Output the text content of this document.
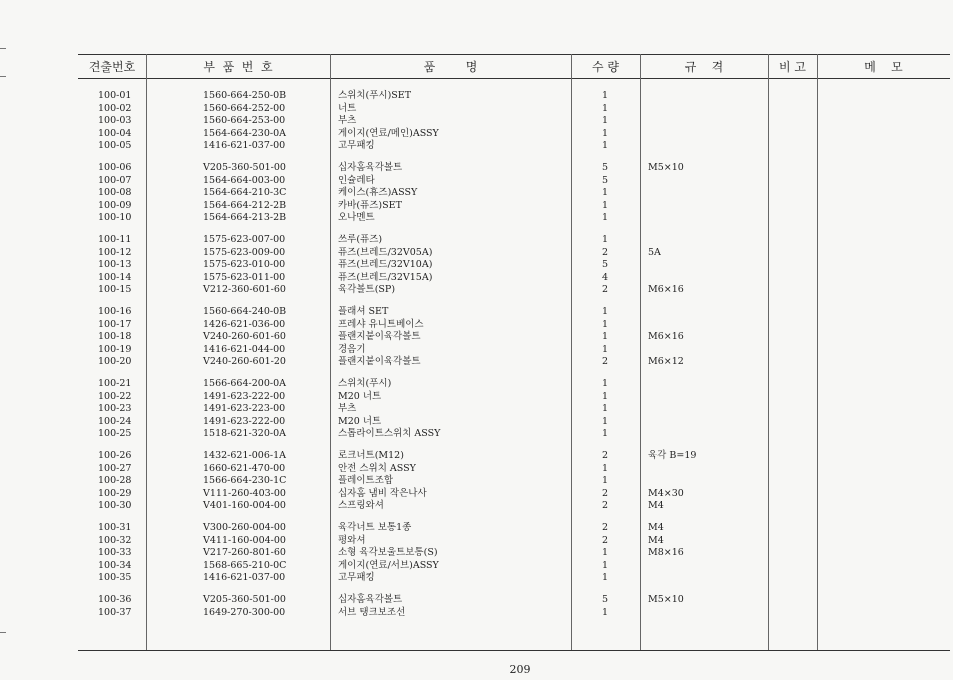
견출번호	부  품  번  호	품        명	수 량	규    격	비 고	메    모
100-01	1560-664-250-0B	스위치(푸시)SET	1
100-02	1560-664-252-00	너트	1
100-03	1560-664-253-00	부츠	1
100-04	1564-664-230-0A	게이지(연료/메인)ASSY	1
100-05	1416-621-037-00	고무패킹	1
100-06	V205-360-501-00	십자홈육각볼트	5	M5×10
100-07	1564-664-003-00	인슐레타	5
100-08	1564-664-210-3C	케이스(휴즈)ASSY	1
100-09	1564-664-212-2B	카바(퓨즈)SET	1
100-10	1564-664-213-2B	오나멘트	1
100-11	1575-623-007-00	쓰루(퓨즈)	1
100-12	1575-623-009-00	퓨즈(브레드/32V05A)	2	5A
100-13	1575-623-010-00	퓨즈(브레드/32V10A)	5
100-14	1575-623-011-00	퓨즈(브레드/32V15A)	4
100-15	V212-360-601-60	육각볼트(SP)	2	M6×16
100-16	1560-664-240-0B	플래셔 SET	1
100-17	1426-621-036-00	프레샤 유니트베이스	1
100-18	V240-260-601-60	플랜지붙이육각볼트	1	M6×16
100-19	1416-621-044-00	경음기	1
100-20	V240-260-601-20	플랜지붙이육각볼트	2	M6×12
100-21	1566-664-200-0A	스위치(푸시)	1
100-22	1491-623-222-00	M20 너트	1
100-23	1491-623-223-00	부츠	1
100-24	1491-623-222-00	M20 너트	1
100-25	1518-621-320-0A	스톱라이트스위치 ASSY	1
100-26	1432-621-006-1A	로크너트(M12)	2	육각 B=19
100-27	1660-621-470-00	안전 스위치 ASSY	1
100-28	1566-664-230-1C	플레이트조합	1
100-29	V111-260-403-00	십자홈 냄비 작은나사	2	M4×30
100-30	V401-160-004-00	스프링와셔	2	M4
100-31	V300-260-004-00	육각너트 보통1종	2	M4
100-32	V411-160-004-00	평와셔	2	M4
100-33	V217-260-801-60	소형 육각보울트보통(S)	1	M8×16
100-34	1568-665-210-0C	게이지(연료/서브)ASSY	1
100-35	1416-621-037-00	고무패킹	1
100-36	V205-360-501-00	십자홈육각볼트	5	M5×10
100-37	1649-270-300-00	서브 탱크보조선	1
209
